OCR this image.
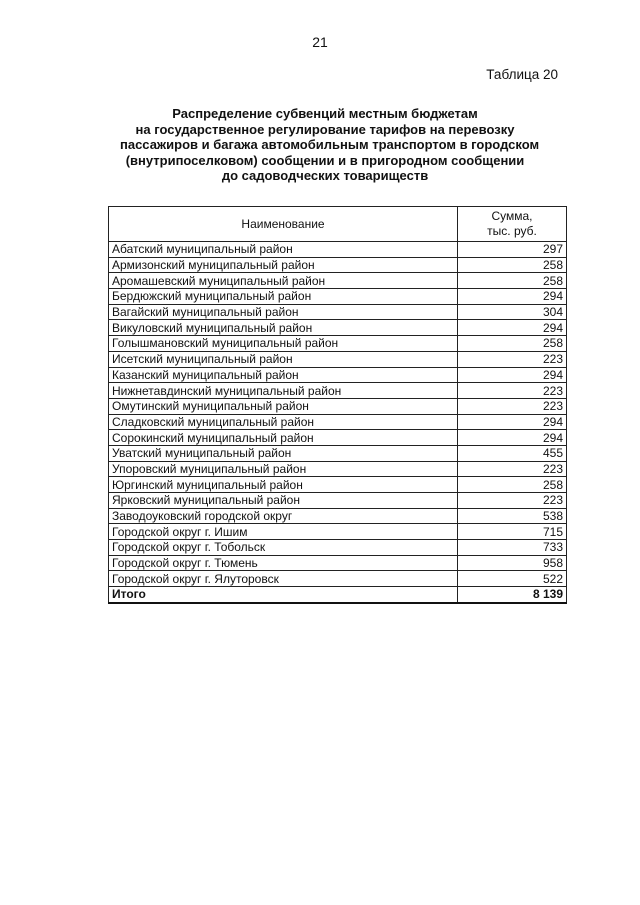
21
Таблица 20
Распределение субвенций местным бюджетам
на государственное регулирование тарифов на перевозку
пассажиров и багажа автомобильным транспортом в городском
(внутрипоселковом) сообщении и в пригородном сообщении
до садоводческих товариществ
Наименование	Сумма,
тыс. руб.

Абатский муниципальный район	297
Армизонский муниципальный район	258
Аромашевский муниципальный район	258
Бердюжский муниципальный район	294
Вагайский муниципальный район	304
Викуловский муниципальный район	294
Голышмановский муниципальный район	258
Исетский муниципальный район	223
Казанский муниципальный район	294
Нижнетавдинский муниципальный район	223
Омутинский муниципальный район	223
Сладковский муниципальный район	294
Сорокинский муниципальный район	294
Уватский муниципальный район	455
Упоровский муниципальный район	223
Юргинский муниципальный район	258
Ярковский муниципальный район	223
Заводоуковский городской округ	538
Городской округ г. Ишим	715
Городской округ г. Тобольск	733
Городской округ г. Тюмень	958
Городской округ г. Ялуторовск	522
Итого	8 139
